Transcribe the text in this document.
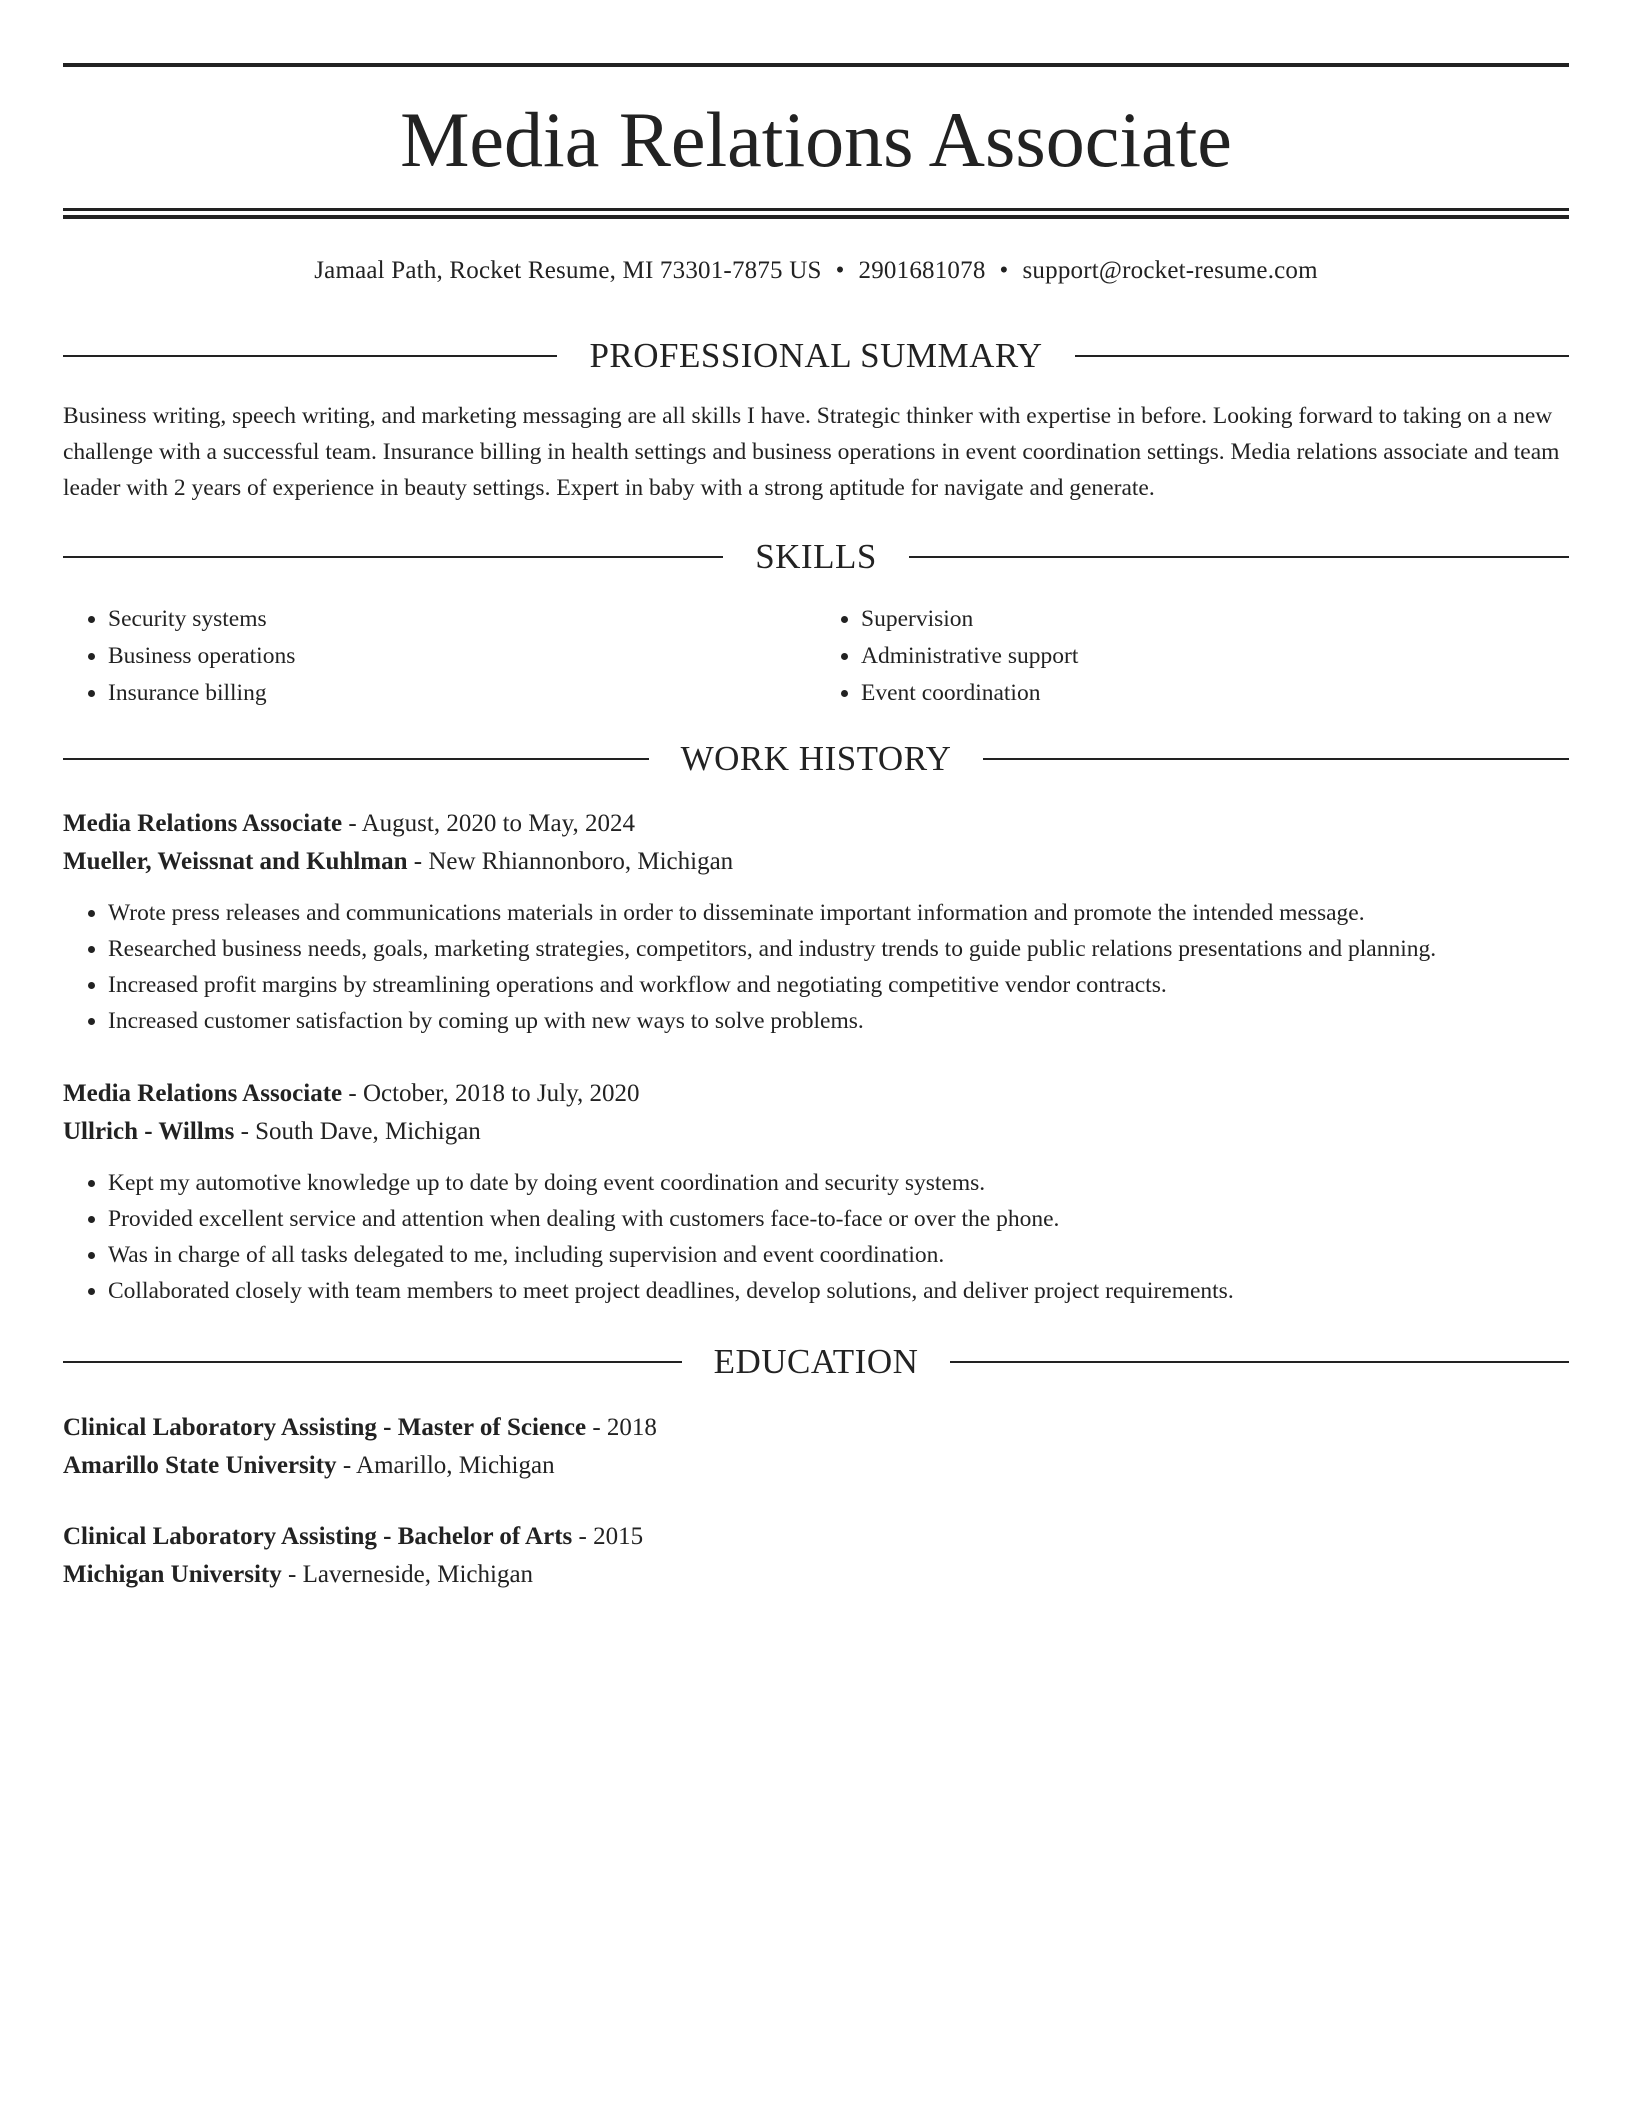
Media Relations Associate
Jamaal Path, Rocket Resume, MI 73301-7875 US • 2901681078 • support@rocket-resume.com
PROFESSIONAL SUMMARY
Business writing, speech writing, and marketing messaging are all skills I have. Strategic thinker with expertise in before. Looking forward to taking on a new challenge with a successful team. Insurance billing in health settings and business operations in event coordination settings. Media relations associate and team leader with 2 years of experience in beauty settings. Expert in baby with a strong aptitude for navigate and generate.
SKILLS
• Security systems
• Business operations
• Insurance billing
• Supervision
• Administrative support
• Event coordination
WORK HISTORY
Media Relations Associate - August, 2020 to May, 2024
Mueller, Weissnat and Kuhlman - New Rhiannonboro, Michigan
• Wrote press releases and communications materials in order to disseminate important information and promote the intended message.
• Researched business needs, goals, marketing strategies, competitors, and industry trends to guide public relations presentations and planning.
• Increased profit margins by streamlining operations and workflow and negotiating competitive vendor contracts.
• Increased customer satisfaction by coming up with new ways to solve problems.
Media Relations Associate - October, 2018 to July, 2020
Ullrich - Willms - South Dave, Michigan
• Kept my automotive knowledge up to date by doing event coordination and security systems.
• Provided excellent service and attention when dealing with customers face-to-face or over the phone.
• Was in charge of all tasks delegated to me, including supervision and event coordination.
• Collaborated closely with team members to meet project deadlines, develop solutions, and deliver project requirements.
EDUCATION
Clinical Laboratory Assisting - Master of Science - 2018
Amarillo State University - Amarillo, Michigan
Clinical Laboratory Assisting - Bachelor of Arts - 2015
Michigan University - Laverneside, Michigan
